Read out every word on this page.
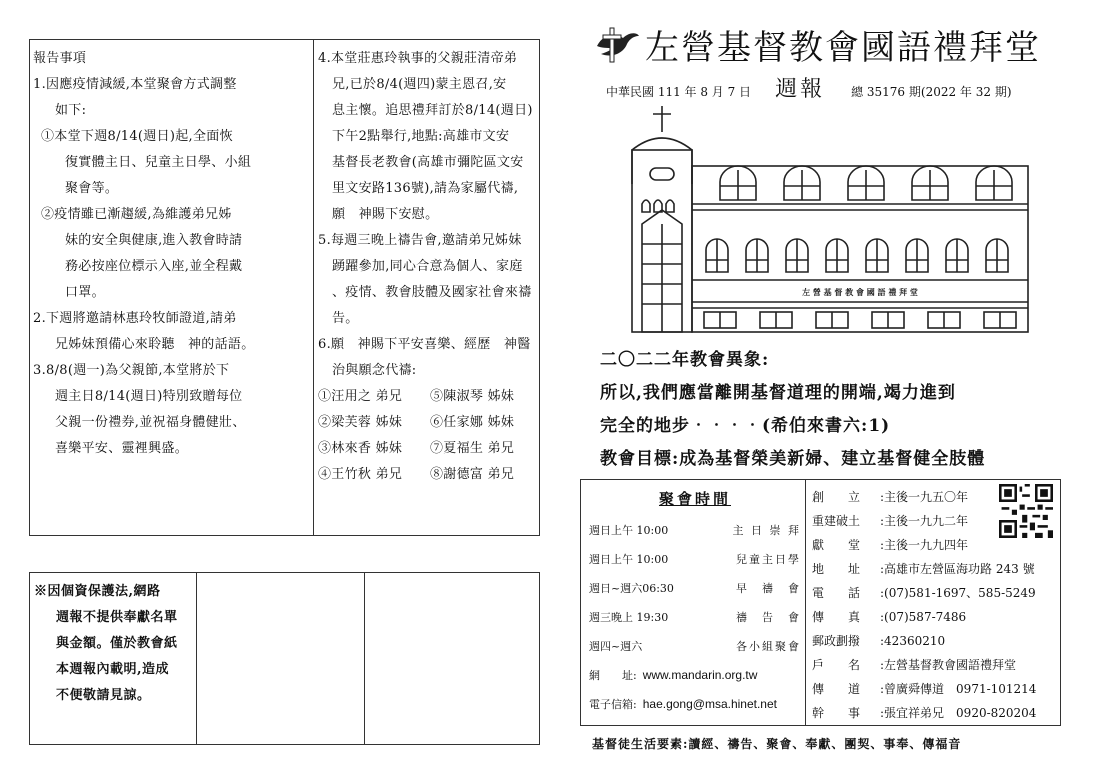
報告事項

1.因應疫情減緩,本堂聚會方式調整

如下:

①本堂下週8/14(週日)起,全面恢

復實體主日、兒童主日學、小組

聚會等。

②疫情雖已漸趨緩,為維護弟兄姊

妹的安全與健康,進入教會時請

務必按座位標示入座,並全程戴

口罩。

2.下週將邀請林惠玲牧師證道,請弟

兄姊妹預備心來聆聽　神的話語。

3.8/8(週一)為父親節,本堂將於下

週主日8/14(週日)特別致贈每位

父親一份禮券,並祝福身體健壯、

喜樂平安、靈裡興盛。

4.本堂莊惠玲執事的父親莊清帝弟

兄,已於8/4(週四)蒙主恩召,安

息主懷。追思禮拜訂於8/14(週日)

下午2點舉行,地點:高雄市文安

基督長老教會(高雄市彌陀區文安

里文安路136號),請為家屬代禱,

願　神賜下安慰。

5.每週三晚上禱告會,邀請弟兄姊妹

踴躍參加,同心合意為個人、家庭

、疫情、教會肢體及國家社會來禱

告。

6.願　神賜下平安喜樂、經歷　神醫

治與願念代禱:

①汪用之 弟兄	⑤陳淑琴 姊妹
②梁芙蓉 姊妹	⑥任家娜 姊妹
③林來香 姊妹	⑦夏福生 弟兄
④王竹秋 弟兄	⑧謝德富 弟兄

※因個資保護法,網路

週報不提供奉獻名單

與金額。僅於教會紙

本週報內載明,造成

不便敬請見諒。

左營基督教會國語禮拜堂
中華民國 111 年 8 月 7 日 週報 總 35176 期(2022 年 32 期)
左 營 基 督 教 會 國 語 禮 拜 堂

二〇二二年教會異象:

所以,我們應當離開基督道理的開端,竭力進到

完全的地步‧‧‧‧(希伯來書六:1)

教會目標:成為基督榮美新婦、建立基督健全肢體

聚會時間
週日上午 10:00	主 日 崇 拜
週日上午 10:00	兒童主日學
週日~週六06:30	早　禱　會
週三晚上 19:30	禱　告　會
週四~週六	各小組聚會
網　　址: www.mandarin.org.tw
電子信箱: hae.gong@msa.hinet.net
創　　立	:主後一九五〇年
重建破土	:主後一九九二年
獻　　堂	:主後一九九四年
地　　址	:高雄市左營區海功路 243 號
電　　話	:(07)581-1697、585-5249
傳　　真	:(07)587-7486
郵政劃撥	:42360210
戶　　名	:左營基督教會國語禮拜堂
傳　　道	:曾廣舜傳道　0971-101214
幹　　事	:張宜祥弟兄　0920-820204
基督徒生活要素:讀經、禱告、聚會、奉獻、團契、事奉、傳福音
